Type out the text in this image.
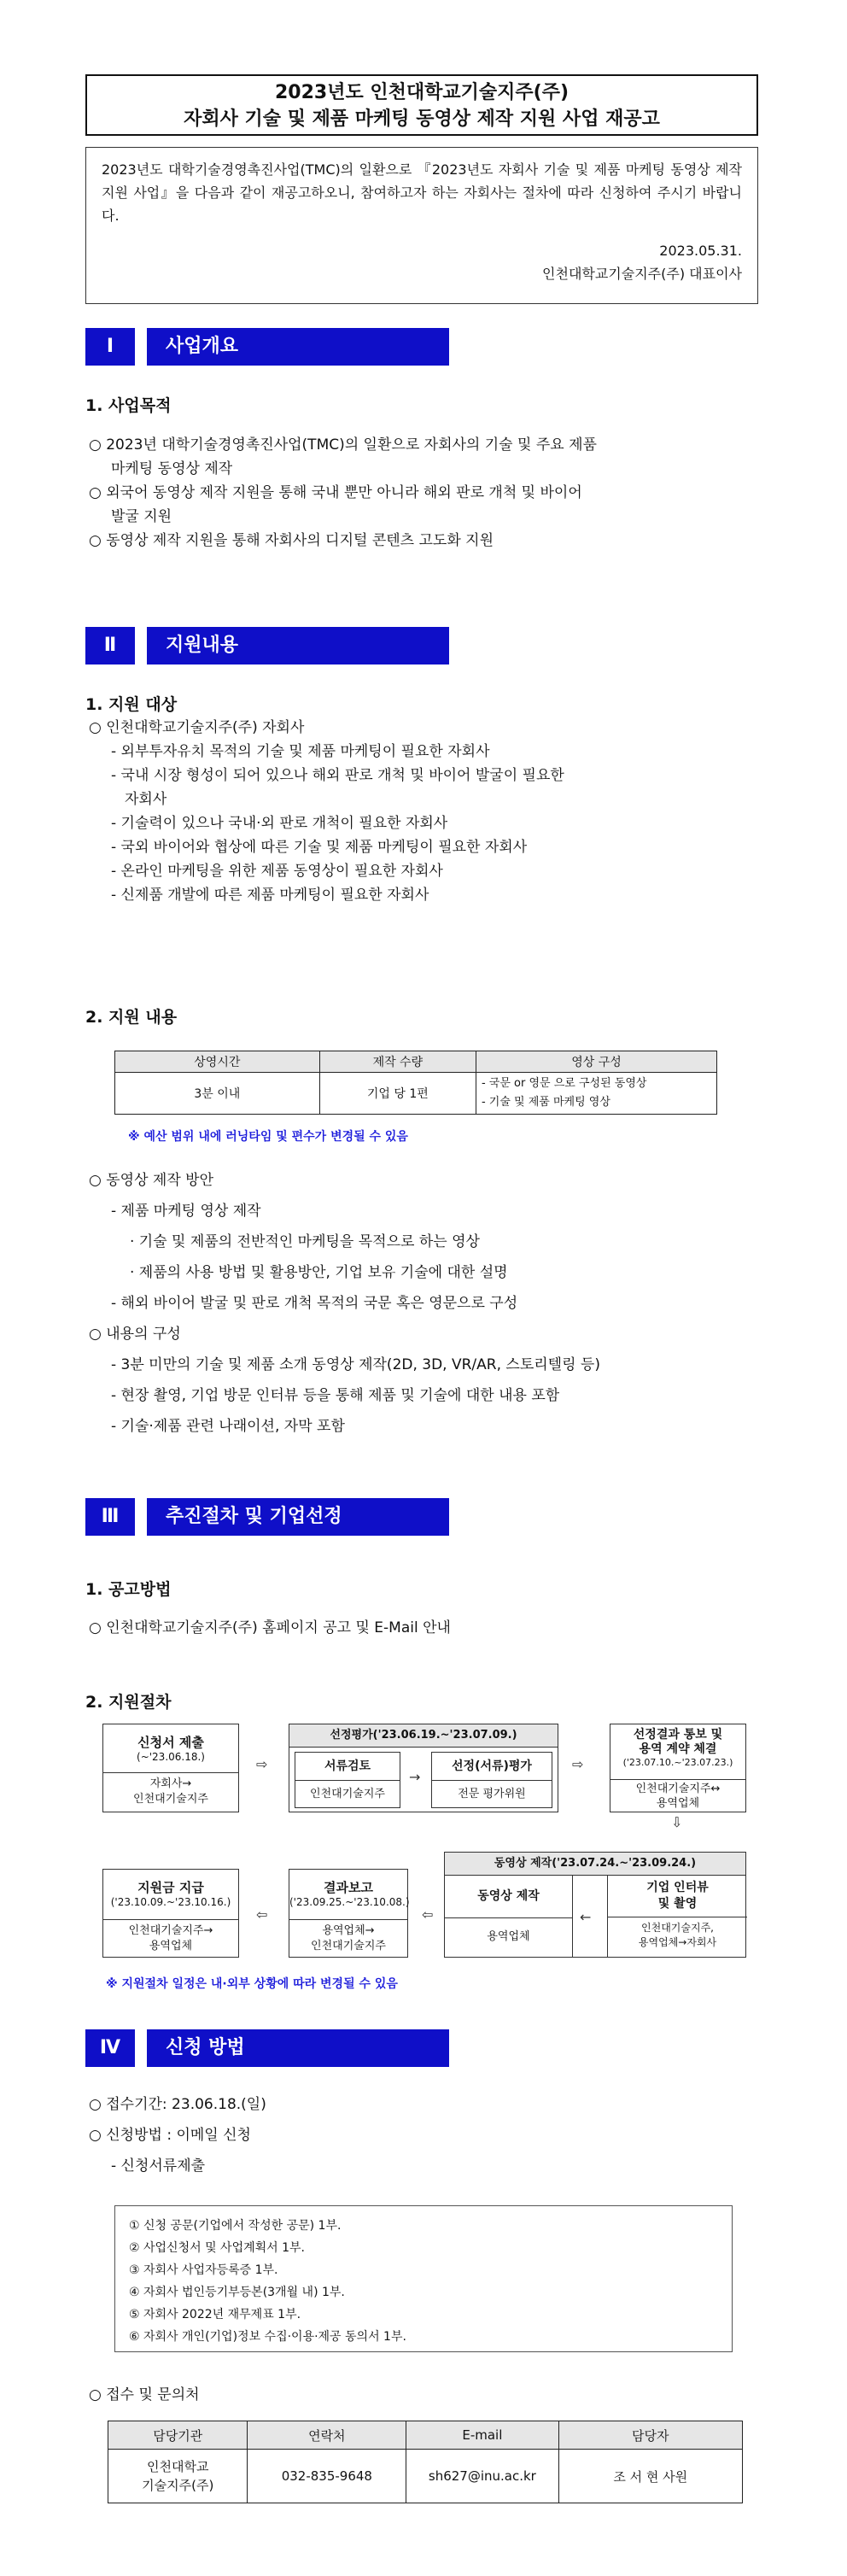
2023년도 인천대학교기술지주(주)
자회사 기술 및 제품 마케팅 동영상 제작 지원 사업 재공고
2023년도 대학기술경영촉진사업(TMC)의 일환으로 『2023년도 자회사 기술 및 제품 마케팅 동영상 제작 지원 사업』을 다음과 같이 재공고하오니, 참여하고자 하는 자회사는 절차에 따라 신청하여 주시기 바랍니다.
2023.05.31.
인천대학교기술지주(주) 대표이사
Ⅰ	사업개요
1. 사업목적
○ 2023년 대학기술경영촉진사업(TMC)의 일환으로 자회사의 기술 및 주요 제품
마케팅 동영상 제작
○ 외국어 동영상 제작 지원을 통해 국내 뿐만 아니라 해외 판로 개척 및 바이어
발굴 지원
○ 동영상 제작 지원을 통해 자회사의 디지털 콘텐츠 고도화 지원
Ⅱ	지원내용
1. 지원 대상
○ 인천대학교기술지주(주) 자회사
- 외부투자유치 목적의 기술 및 제품 마케팅이 필요한 자회사
- 국내 시장 형성이 되어 있으나 해외 판로 개척 및 바이어 발굴이 필요한
자회사
- 기술력이 있으나 국내·외 판로 개척이 필요한 자회사
- 국외 바이어와 협상에 따른 기술 및 제품 마케팅이 필요한 자회사
- 온라인 마케팅을 위한 제품 동영상이 필요한 자회사
- 신제품 개발에 따른 제품 마케팅이 필요한 자회사
2. 지원 내용
상영시간	제작 수량	영상 구성
3분 이내	기업 당 1편	- 국문 or 영문 으로 구성된 동영상
- 기술 및 제품 마케팅 영상
※ 예산 범위 내에 러닝타임 및 편수가 변경될 수 있음
○ 동영상 제작 방안
- 제품 마케팅 영상 제작
· 기술 및 제품의 전반적인 마케팅을 목적으로 하는 영상
· 제품의 사용 방법 및 활용방안, 기업 보유 기술에 대한 설명
- 해외 바이어 발굴 및 판로 개척 목적의 국문 혹은 영문으로 구성
○ 내용의 구성
- 3분 미만의 기술 및 제품 소개 동영상 제작(2D, 3D, VR/AR, 스토리텔링 등)
- 현장 촬영, 기업 방문 인터뷰 등을 통해 제품 및 기술에 대한 내용 포함
- 기술·제품 관련 나래이션, 자막 포함
Ⅲ	추진절차 및 기업선정
1. 공고방법
○ 인천대학교기술지주(주) 홈페이지 공고 및 E-Mail 안내
2. 지원절차
신청서 제출
(~'23.06.18.)
자회사→
인천대기술지주
⇨
선정평가('23.06.19.~'23.07.09.)
서류검토
인천대기술지주
→
선정(서류)평가
전문 평가위원
⇨
선정결과 통보 및
용역 계약 체결
('23.07.10.~'23.07.23.)
인천대기술지주↔
용역업체
⇩
지원금 지급
('23.10.09.~'23.10.16.)
인천대기술지주→
용역업체
⇦
결과보고
('23.09.25.~'23.10.08.)
용역업체→
인천대기술지주
⇦
동영상 제작('23.07.24.~'23.09.24.)
동영상 제작
용역업체
←
기업 인터뷰
및 촬영
인천대기술지주,
용역업체→자회사
※ 지원절차 일정은 내·외부 상황에 따라 변경될 수 있음
Ⅳ	신청 방법
○ 접수기간: 23.06.18.(일)
○ 신청방법 : 이메일 신청
- 신청서류제출
① 신청 공문(기업에서 작성한 공문) 1부.
② 사업신청서 및 사업계획서 1부.
③ 자회사 사업자등록증 1부.
④ 자회사 법인등기부등본(3개월 내) 1부.
⑤ 자회사 2022년 재무제표 1부.
⑥ 자회사 개인(기업)정보 수집·이용·제공 동의서 1부.
○ 접수 및 문의처
담당기관	연락처	E-mail	담당자
인천대학교
기술지주(주)	032-835-9648	sh627@inu.ac.kr	조 서 현 사원
